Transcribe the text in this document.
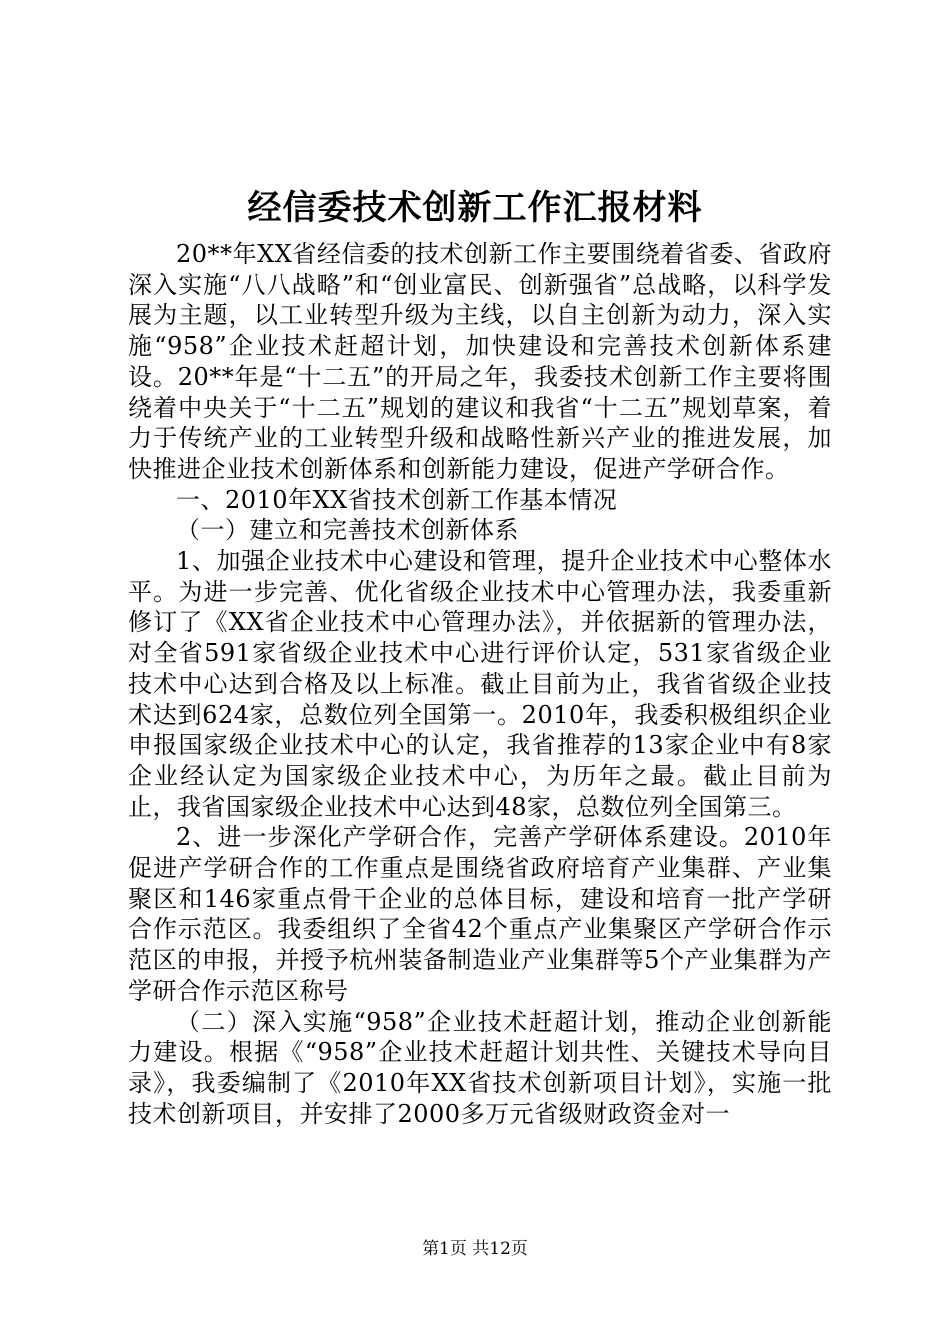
经信委技术创新工作汇报材料

20**年XX省经信委的技术创新工作主要围绕着省委、省政府深入实施“八八战略”和“创业富民、创新强省”总战略，以科学发展为主题，以工业转型升级为主线，以自主创新为动力，深入实施“958”企业技术赶超计划，加快建设和完善技术创新体系建设。20**年是“十二五”的开局之年，我委技术创新工作主要将围绕着中央关于“十二五”规划的建议和我省“十二五”规划草案，着力于传统产业的工业转型升级和战略性新兴产业的推进发展，加快推进企业技术创新体系和创新能力建设，促进产学研合作。

一、2010年XX省技术创新工作基本情况

（一）建立和完善技术创新体系

1、加强企业技术中心建设和管理，提升企业技术中心整体水平。为进一步完善、优化省级企业技术中心管理办法，我委重新修订了《XX省企业技术中心管理办法》，并依据新的管理办法，对全省591家省级企业技术中心进行评价认定，531家省级企业技术中心达到合格及以上标准。截止目前为止，我省省级企业技术达到624家，总数位列全国第一。2010年，我委积极组织企业申报国家级企业技术中心的认定，我省推荐的13家企业中有8家企业经认定为国家级企业技术中心，为历年之最。截止目前为止，我省国家级企业技术中心达到48家，总数位列全国第三。

2、进一步深化产学研合作，完善产学研体系建设。2010年促进产学研合作的工作重点是围绕省政府培育产业集群、产业集聚区和146家重点骨干企业的总体目标，建设和培育一批产学研合作示范区。我委组织了全省42个重点产业集聚区产学研合作示范区的申报，并授予杭州装备制造业产业集群等5个产业集群为产学研合作示范区称号

（二）深入实施“958”企业技术赶超计划，推动企业创新能力建设。根据《“958”企业技术赶超计划共性、关键技术导向目录》，我委编制了《2010年XX省技术创新项目计划》，实施一批技术创新项目，并安排了2000多万元省级财政资金对一

第1页 共12页
